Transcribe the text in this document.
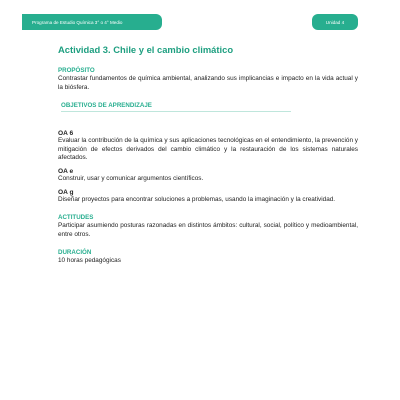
Programa de Estudio Química 3° o 4° Medio	Unidad 4
Actividad 3. Chile y el cambio climático

PROPÓSITO

Contrastar fundamentos de química ambiental, analizando sus implicancias e impacto en la vida actual y la biósfera.

OBJETIVOS DE APRENDIZAJE

OA 6

Evaluar la contribución de la química y sus aplicaciones tecnológicas en el entendimiento, la prevención y mitigación de efectos derivados del cambio climático y la restauración de los sistemas naturales afectados.

OA e

Construir, usar y comunicar argumentos científicos.

OA g

Diseñar proyectos para encontrar soluciones a problemas, usando la imaginación y la creatividad.

ACTITUDES

Participar asumiendo posturas razonadas en distintos ámbitos: cultural, social, político y medioambiental, entre otros.

DURACIÓN

10 horas pedagógicas
